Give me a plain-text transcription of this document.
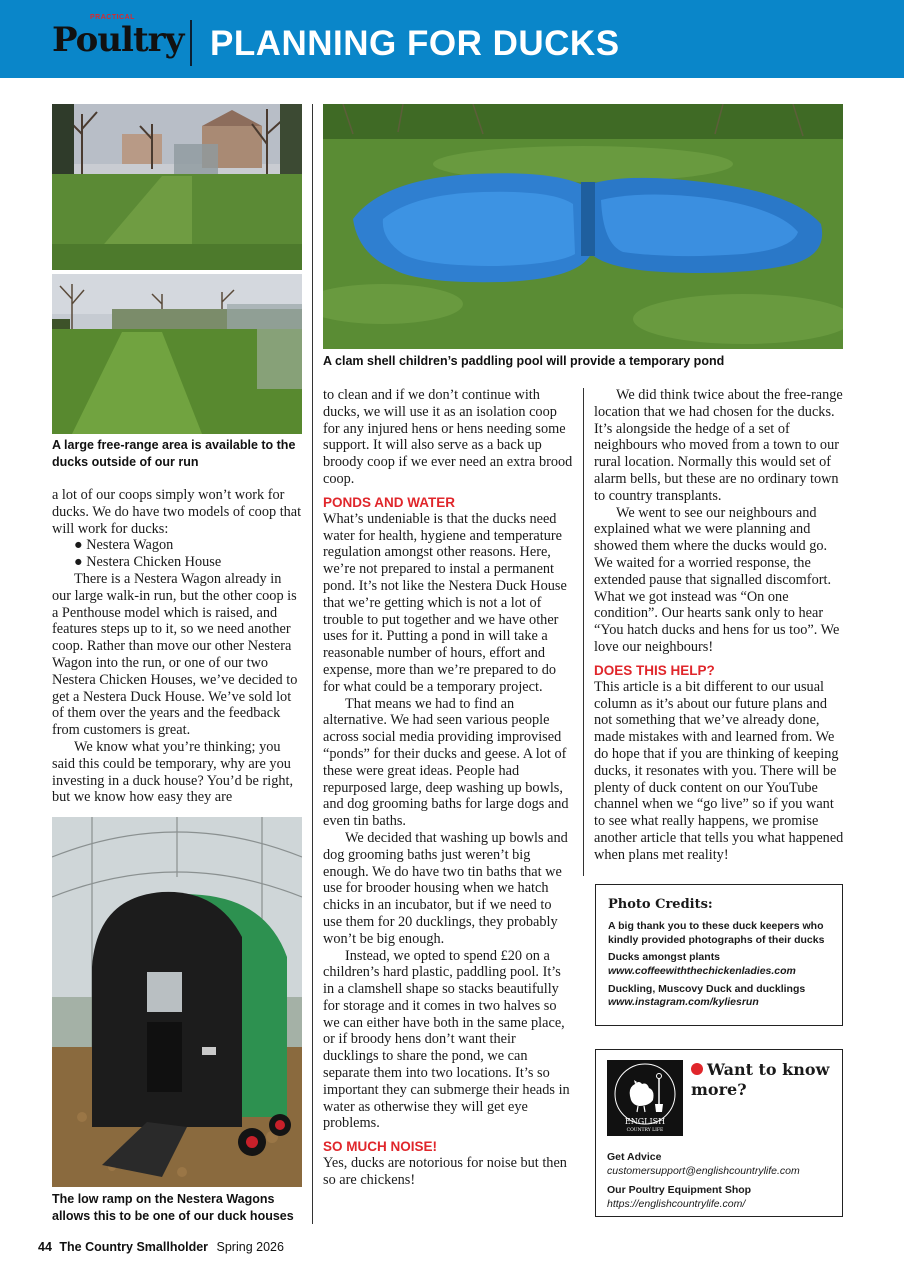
PRACTICAL
Poultry PLANNING FOR DUCKS
A large free-range area is available to the ducks outside of our run
A clam shell children’s paddling pool will provide a temporary pond
The low ramp on the Nestera Wagons allows this to be one of our duck houses

a lot of our coops simply won’t work for ducks. We do have two models of coop that will work for ducks:

● Nestera Wagon

● Nestera Chicken House

There is a Nestera Wagon already in our large walk-in run, but the other coop is a Penthouse model which is raised, and features steps up to it, so we need another coop. Rather than move our other Nestera Wagon into the run, or one of our two Nestera Chicken Houses, we’ve decided to get a Nestera Duck House. We’ve sold lot of them over the years and the feedback from customers is great.

We know what you’re thinking; you said this could be temporary, why are you investing in a duck house? You’d be right, but we know how easy they are

to clean and if we don’t continue with ducks, we will use it as an isolation coop for any injured hens or hens needing some support. It will also serve as a back up broody coop if we ever need an extra brood coop.

PONDS AND WATER

What’s undeniable is that the ducks need water for health, hygiene and temperature regulation amongst other reasons. Here, we’re not prepared to instal a permanent pond. It’s not like the Nestera Duck House that we’re getting which is not a lot of trouble to put together and we have other uses for it. Putting a pond in will take a reasonable number of hours, effort and expense, more than we’re prepared to do for what could be a temporary project.

That means we had to find an alternative. We had seen various people across social media providing improvised “ponds” for their ducks and geese. A lot of these were great ideas. People had repurposed large, deep washing up bowls, and dog grooming baths for large dogs and even tin baths.

We decided that washing up bowls and dog grooming baths just weren’t big enough. We do have two tin baths that we use for brooder housing when we hatch chicks in an incubator, but if we need to use them for 20 ducklings, they probably won’t be big enough.

Instead, we opted to spend £20 on a children’s hard plastic, paddling pool. It’s in a clamshell shape so stacks beautifully for storage and it comes in two halves so we can either have both in the same place, or if broody hens don’t want their ducklings to share the pond, we can separate them into two locations. It’s so important they can submerge their heads in water as otherwise they will get eye problems.

SO MUCH NOISE!

Yes, ducks are notorious for noise but then so are chickens!

We did think twice about the free-range location that we had chosen for the ducks. It’s alongside the hedge of a set of neighbours who moved from a town to our rural location. Normally this would set of alarm bells, but these are no ordinary town to country transplants.

We went to see our neighbours and explained what we were planning and showed them where the ducks would go. We waited for a worried response, the extended pause that signalled discomfort. What we got instead was “On one condition”. Our hearts sank only to hear “You hatch ducks and hens for us too”. We love our neighbours!

DOES THIS HELP?

This article is a bit different to our usual column as it’s about our future plans and not something that we’ve already done, made mistakes with and learned from. We do hope that if you are thinking of keeping ducks, it resonates with you. There will be plenty of duck content on our YouTube channel when we “go live” so if you want to see what really happens, we promise another article that tells you what happened when plans met reality!

Photo Credits:
A big thank you to these duck keepers who kindly provided photographs of their ducks
Ducks amongst plants
www.coffeewiththechickenladies.com
Duckling, Muscovy Duck and ducklings
www.instagram.com/kyliesrun
ENGLISH
COUNTRY LIFE
Want to know more?
Get Advice
customersupport@englishcountrylife.com
Our Poultry Equipment Shop
https://englishcountrylife.com/
44 The Country Smallholder Spring 2026
